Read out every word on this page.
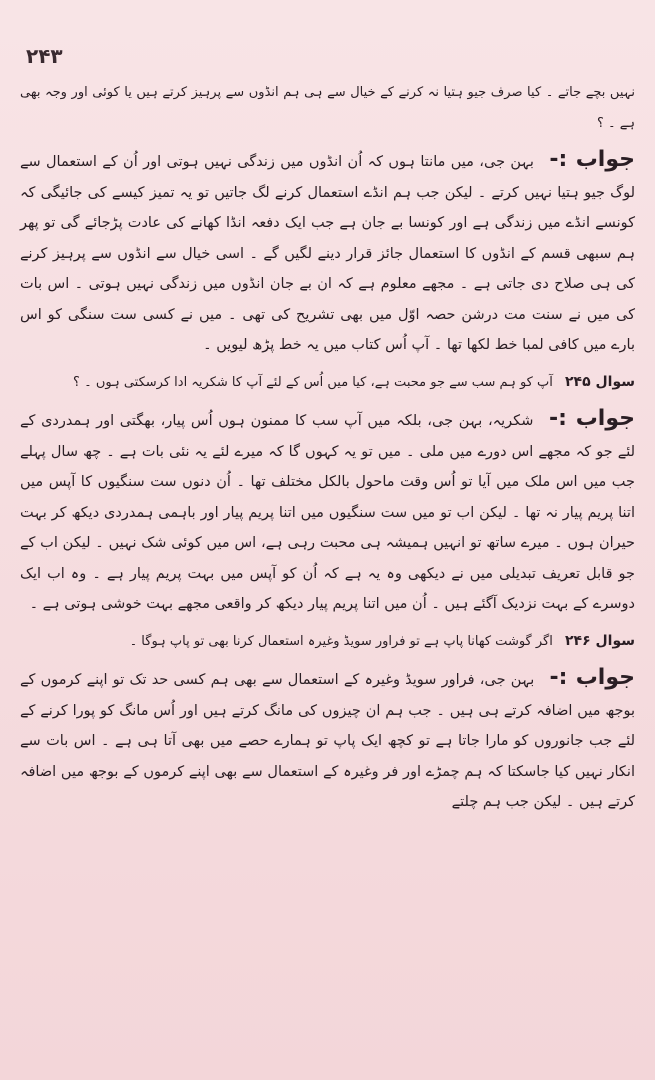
۲۴۳

نہیں بچے جاتے ۔ کیا صرف جیو ہتیا نہ کرنے کے خیال سے ہی ہم انڈوں سے پرہیز کرتے ہیں یا کوئی اور وجہ بھی ہے ۔ ؟

جواب :- بہن جی، میں مانتا ہوں کہ اُن انڈوں میں زندگی نہیں ہوتی اور اُن کے استعمال سے لوگ جیو ہتیا نہیں کرتے ۔ لیکن جب ہم انڈے استعمال کرنے لگ جاتیں تو یہ تمیز کیسے کی جائیگی کہ کونسے انڈے میں زندگی ہے اور کونسا بے جان ہے جب ایک دفعہ انڈا کھانے کی عادت پڑجائے گی تو پھر ہم سبھی قسم کے انڈوں کا استعمال جائز قرار دینے لگیں گے ۔ اسی خیال سے انڈوں سے پرہیز کرنے کی ہی صلاح دی جاتی ہے ۔ مجھے معلوم ہے کہ ان بے جان انڈوں میں زندگی نہیں ہوتی ۔ اس بات کی میں نے سنت مت درشن حصہ اوّل میں بھی تشریح کی تھی ۔ میں نے کسی ست سنگی کو اس بارے میں کافی لمبا خط لکھا تھا ۔ آپ اُس کتاب میں یہ خط پڑھ لیویں ۔

سوال ۲۴۵ آپ کو ہم سب سے جو محبت ہے، کیا میں اُس کے لئے آپ کا شکریہ ادا کرسکتی ہوں ۔ ؟

جواب :- شکریہ، بہن جی، بلکہ میں آپ سب کا ممنون ہوں اُس پیار، بھگتی اور ہمدردی کے لئے جو کہ مجھے اس دورے میں ملی ۔ میں تو یہ کہوں گا کہ میرے لئے یہ نئی بات ہے ۔ چھ سال پہلے جب میں اس ملک میں آیا تو اُس وقت ماحول بالکل مختلف تھا ۔ اُن دنوں ست سنگیوں کا آپس میں اتنا پریم پیار نہ تھا ۔ لیکن اب تو میں ست سنگیوں میں اتنا پریم پیار اور باہمی ہمدردی دیکھ کر بہت حیران ہوں ۔ میرے ساتھ تو انہیں ہمیشہ ہی محبت رہی ہے، اس میں کوئی شک نہیں ۔ لیکن اب کے جو قابل تعریف تبدیلی میں نے دیکھی وہ یہ ہے کہ اُن کو آپس میں بہت پریم پیار ہے ۔ وہ اب ایک دوسرے کے بہت نزدیک آگئے ہیں ۔ اُن میں اتنا پریم پیار دیکھ کر واقعی مجھے بہت خوشی ہوتی ہے ۔

سوال ۲۴۶ اگر گوشت کھانا پاپ ہے تو فراور سویڈ وغیرہ استعمال کرنا بھی تو پاپ ہوگا ۔

جواب :- بہن جی، فراور سویڈ وغیرہ کے استعمال سے بھی ہم کسی حد تک تو اپنے کرموں کے بوجھ میں اضافہ کرتے ہی ہیں ۔ جب ہم ان چیزوں کی مانگ کرتے ہیں اور اُس مانگ کو پورا کرنے کے لئے جب جانوروں کو مارا جاتا ہے تو کچھ ایک پاپ تو ہمارے حصے میں بھی آتا ہی ہے ۔ اس بات سے انکار نہیں کیا جاسکتا کہ ہم چمڑے اور فر وغیرہ کے استعمال سے بھی اپنے کرموں کے بوجھ میں اضافہ کرتے ہیں ۔ لیکن جب ہم چلتے
